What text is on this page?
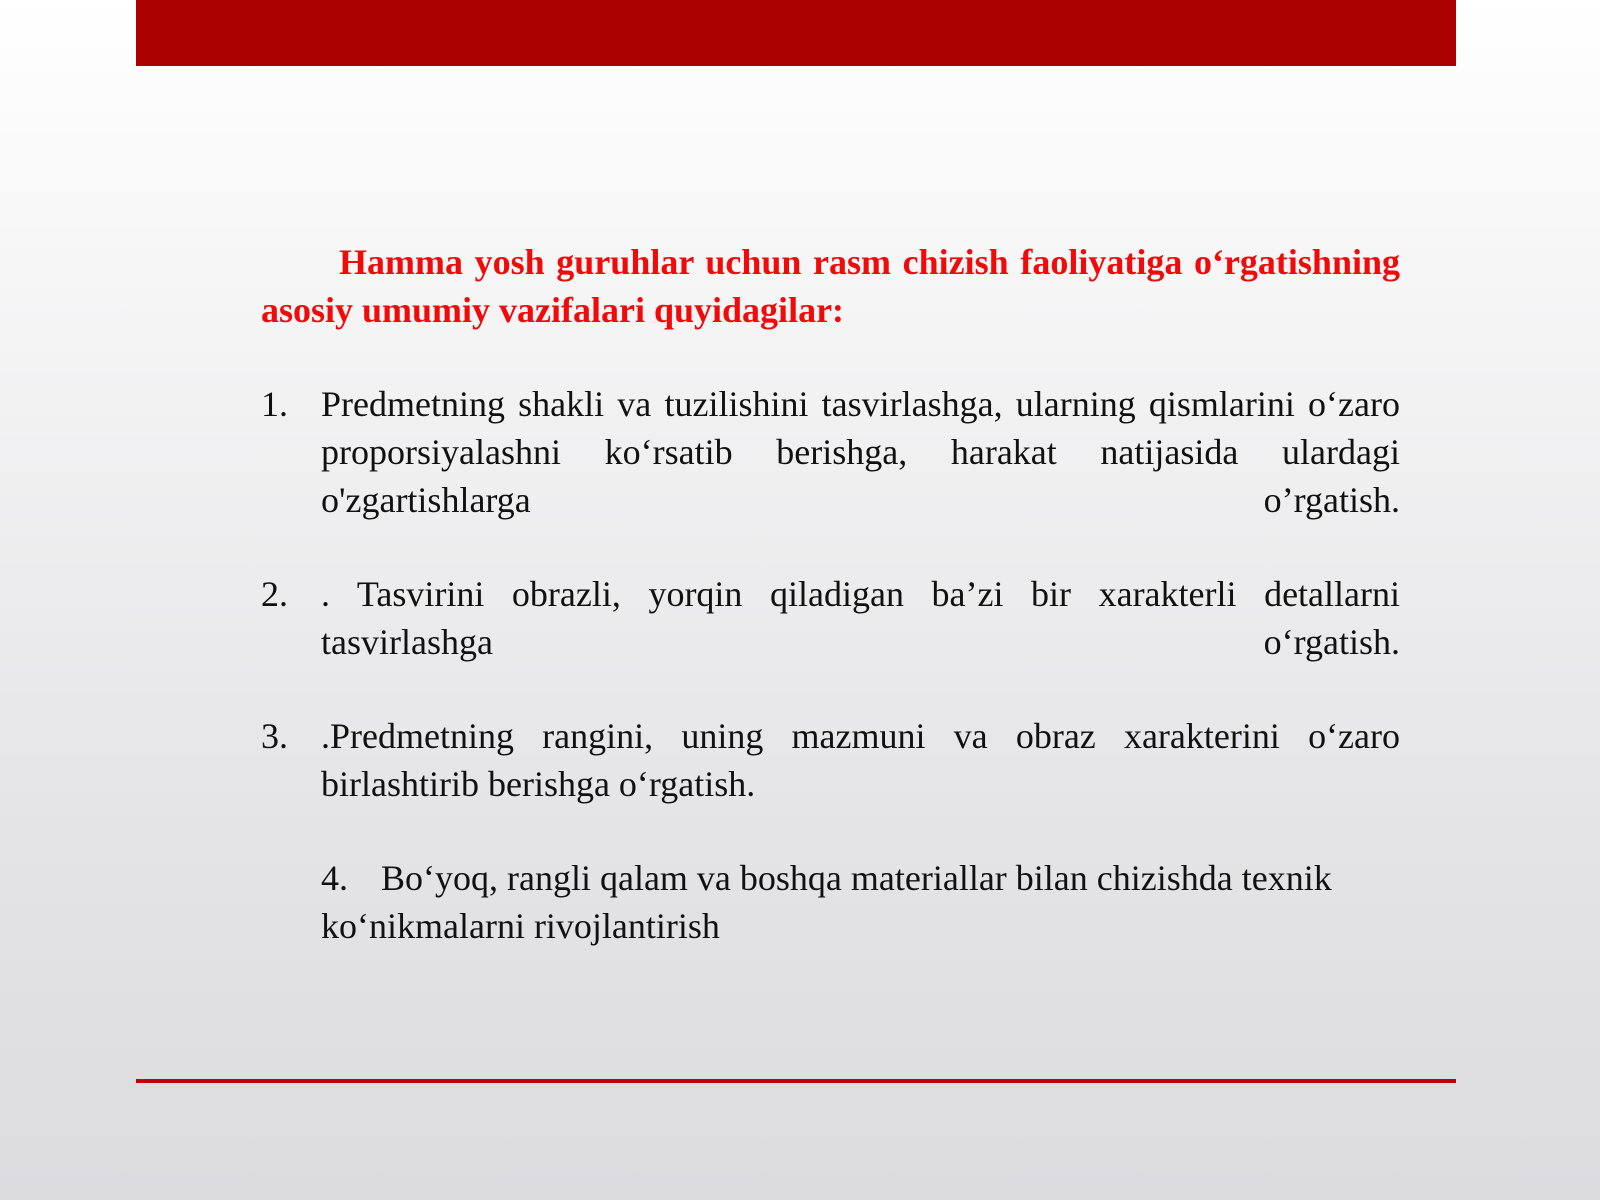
Hamma yosh guruhlar uchun rasm chizish faoliyatiga o‘rgatishning asosiy umumiy vazifalari quyidagilar:

1. Predmetning shakli va tuzilishini tasvirlashga, ularning qismlarini o‘zaro proporsiyalashni ko‘rsatib berishga, harakat natijasida ulardagi o'zgartishlarga o’rgatish.
2. . Tasvirini obrazli, yorqin qiladigan ba’zi bir xarakterli detallarni tasvirlashga o‘rgatish.
3. .Predmetning rangini, uning mazmuni va obraz xarakterini o‘zaro birlashtirib berishga o‘rgatish.
4. Bo‘yoq, rangli qalam va boshqa materiallar bilan chizishda texnik ko‘nikmalarni rivojlantirish
